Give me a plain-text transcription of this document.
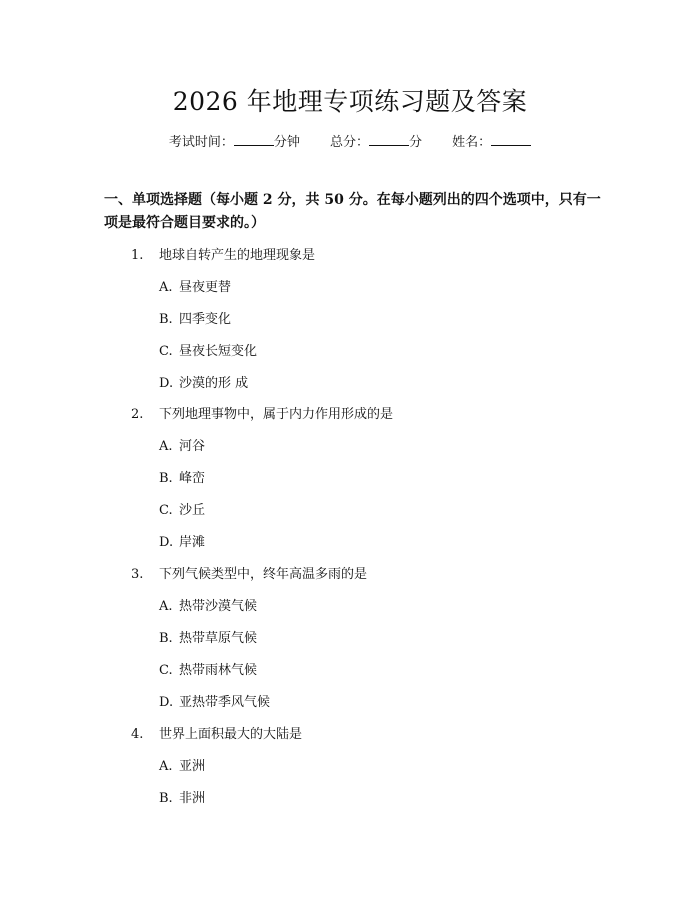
2026 年地理专项练习题及答案
考试时间：	分钟 总分：	分 姓名：
一、单项选择题（每小题 2 分，共 50 分。在每小题列出的四个选项中，只有一项是最符合题目要求的。）
1. 地球自转产生的地理现象是
A. 昼夜更替
B. 四季变化
C. 昼夜长短变化
D. 沙漠的形 成
2. 下列地理事物中，属于内力作用形成的是
A. 河谷
B. 峰峦
C. 沙丘
D. 岸滩
3. 下列气候类型中，终年高温多雨的是
A. 热带沙漠气候
B. 热带草原气候
C. 热带雨林气候
D. 亚热带季风气候
4. 世界上面积最大的大陆是
A. 亚洲
B. 非洲
